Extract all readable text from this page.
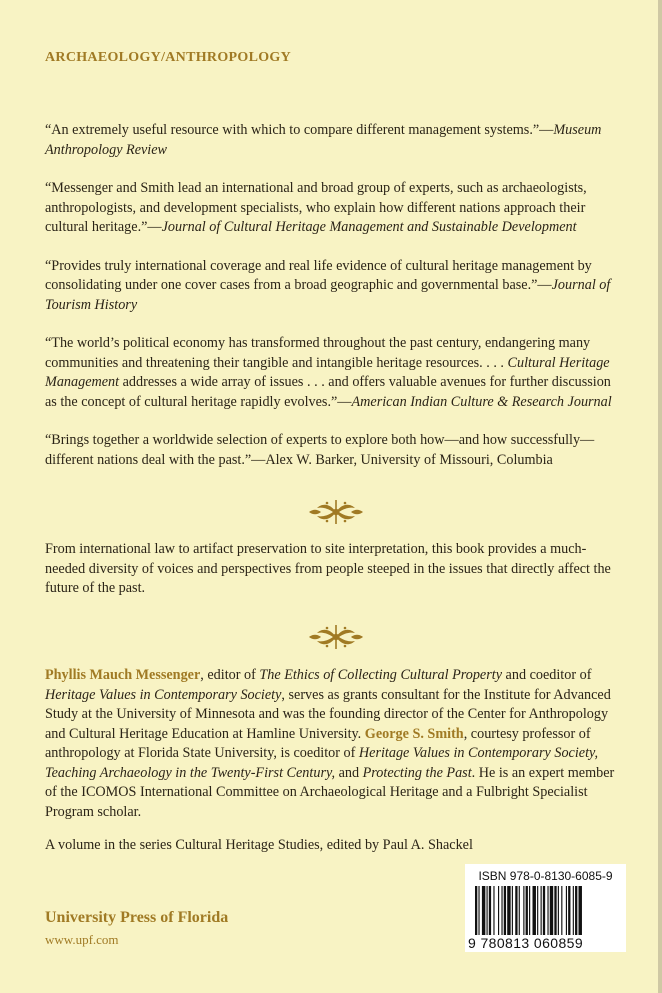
ARCHAEOLOGY/ANTHROPOLOGY

“An extremely useful resource with which to compare different management systems.”—Museum Anthropology Review

“Messenger and Smith lead an international and broad group of experts, such as archaeologists, anthropologists, and development specialists, who explain how different nations approach their cultural heritage.”—Journal of Cultural Heritage Management and Sustainable Development

“Provides truly international coverage and real life evidence of cultural heritage management by consolidating under one cover cases from a broad geographic and governmental base.”—Journal of Tourism History

“The world’s political economy has transformed throughout the past century, endangering many communities and threatening their tangible and intangible heritage resources. . . . Cultural Heritage Management addresses a wide array of issues . . . and offers valuable avenues for further discussion as the concept of cultural heritage rapidly evolves.”—American Indian Culture & Research Journal

“Brings together a worldwide selection of experts to explore both how—and how successfully—different nations deal with the past.”—Alex W. Barker, University of Missouri, Columbia

From international law to artifact preservation to site interpretation, this book provides a much-needed diversity of voices and perspectives from people steeped in the issues that directly affect the future of the past.

Phyllis Mauch Messenger, editor of The Ethics of Collecting Cultural Property and coeditor of Heritage Values in Contemporary Society, serves as grants consultant for the Institute for Advanced Study at the University of Minnesota and was the founding director of the Center for Anthropology and Cultural Heritage Education at Hamline University. George S. Smith, courtesy professor of anthropology at Florida State University, is coeditor of Heritage Values in Contemporary Society, Teaching Archaeology in the Twenty-First Century, and Protecting the Past. He is an expert member of the ICOMOS International Committee on Archaeological Heritage and a Fulbright Specialist Program scholar.

A volume in the series Cultural Heritage Studies, edited by Paul A. Shackel

University Press of Florida
www.upf.com
ISBN 978-0-8130-6085-9
9 780813 060859
